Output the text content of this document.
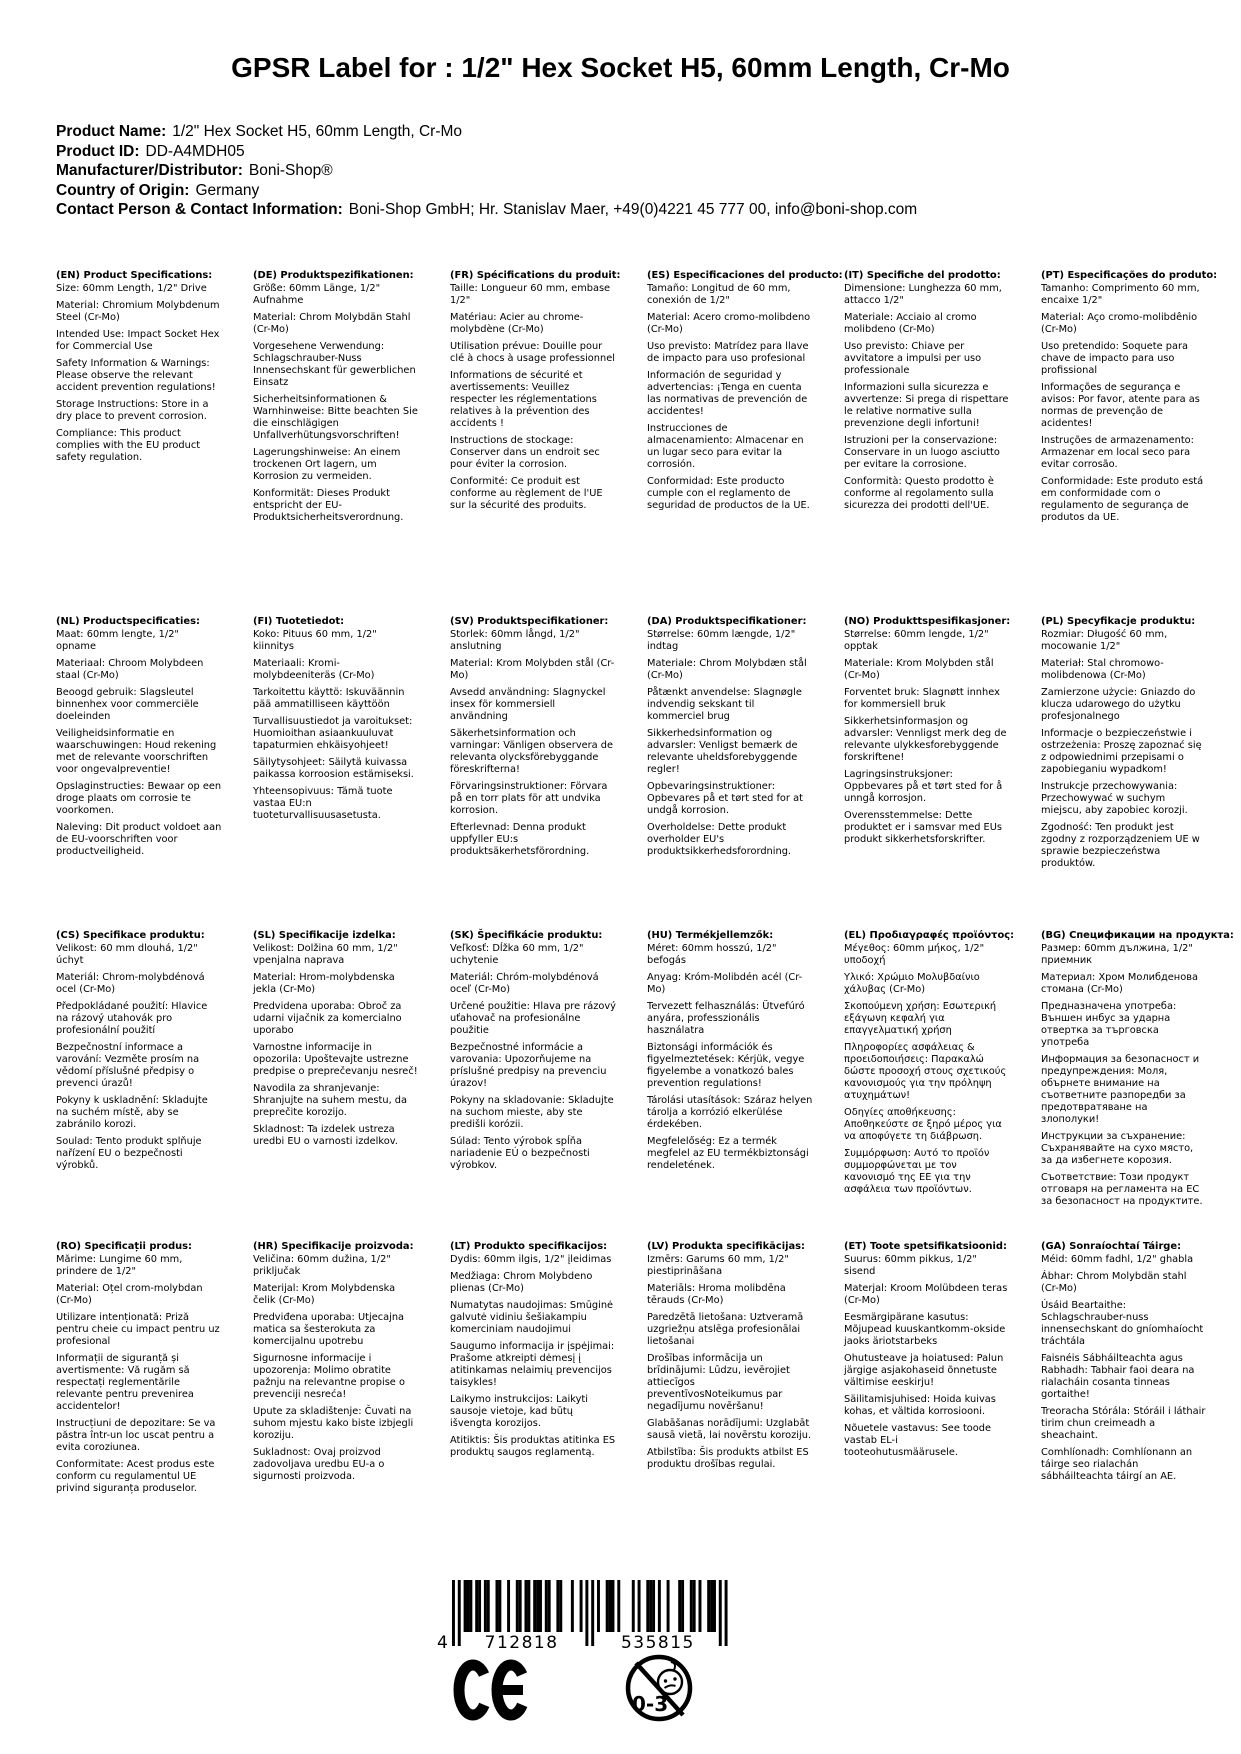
GPSR Label for : 1/2" Hex Socket H5, 60mm Length, Cr-Mo
Product Name: 1/2" Hex Socket H5, 60mm Length, Cr-Mo
Product ID: DD-A4MDH05
Manufacturer/Distributor: Boni-Shop®
Country of Origin: Germany
Contact Person & Contact Information: Boni-Shop GmbH; Hr. Stanislav Maer, +49(0)4221 45 777 00, info@boni-shop.com
(EN) Product Specifications:

Size: 60mm Length, 1/2" Drive

Material: Chromium Molybdenum Steel (Cr-Mo)

Intended Use: Impact Socket Hex for Commercial Use

Safety Information & Warnings: Please observe the relevant accident prevention regulations!

Storage Instructions: Store in a dry place to prevent corrosion.

Compliance: This product complies with the EU product safety regulation.

(DE) Produktspezifikationen:

Größe: 60mm Länge, 1/2" Aufnahme

Material: Chrom Molybdän Stahl (Cr-Mo)

Vorgesehene Verwendung: Schlagschrauber-Nuss Innensechskant für gewerblichen Einsatz

Sicherheitsinformationen & Warnhinweise: Bitte beachten Sie die einschlägigen Unfallverhütungsvorschriften!

Lagerungshinweise: An einem trockenen Ort lagern, um Korrosion zu vermeiden.

Konformität: Dieses Produkt entspricht der EU-Produktsicherheitsverordnung.

(FR) Spécifications du produit:

Taille: Longueur 60 mm, embase 1/2"

Matériau: Acier au chrome-molybdène (Cr-Mo)

Utilisation prévue: Douille pour clé à chocs à usage professionnel

Informations de sécurité et avertissements: Veuillez respecter les réglementations relatives à la prévention des accidents !

Instructions de stockage: Conserver dans un endroit sec pour éviter la corrosion.

Conformité: Ce produit est conforme au règlement de l'UE sur la sécurité des produits.

(ES) Especificaciones del producto:

Tamaño: Longitud de 60 mm, conexión de 1/2"

Material: Acero cromo-molibdeno (Cr-Mo)

Uso previsto: Matrídez para llave de impacto para uso profesional

Información de seguridad y advertencias: ¡Tenga en cuenta las normativas de prevención de accidentes!

Instrucciones de almacenamiento: Almacenar en un lugar seco para evitar la corrosión.

Conformidad: Este producto cumple con el reglamento de seguridad de productos de la UE.

(IT) Specifiche del prodotto:

Dimensione: Lunghezza 60 mm, attacco 1/2"

Materiale: Acciaio al cromo molibdeno (Cr-Mo)

Uso previsto: Chiave per avvitatore a impulsi per uso professionale

Informazioni sulla sicurezza e avvertenze: Si prega di rispettare le relative normative sulla prevenzione degli infortuni!

Istruzioni per la conservazione: Conservare in un luogo asciutto per evitare la corrosione.

Conformità: Questo prodotto è conforme al regolamento sulla sicurezza dei prodotti dell'UE.

(PT) Especificações do produto:

Tamanho: Comprimento 60 mm, encaixe 1/2"

Material: Aço cromo-molibdênio (Cr-Mo)

Uso pretendido: Soquete para chave de impacto para uso profissional

Informações de segurança e avisos: Por favor, atente para as normas de prevenção de acidentes!

Instruções de armazenamento: Armazenar em local seco para evitar corrosão.

Conformidade: Este produto está em conformidade com o regulamento de segurança de produtos da UE.

(NL) Productspecificaties:

Maat: 60mm lengte, 1/2" opname

Materiaal: Chroom Molybdeen staal (Cr-Mo)

Beoogd gebruik: Slagsleutel binnenhex voor commerciële doeleinden

Veiligheidsinformatie en waarschuwingen: Houd rekening met de relevante voorschriften voor ongevalpreventie!

Opslaginstructies: Bewaar op een droge plaats om corrosie te voorkomen.

Naleving: Dit product voldoet aan de EU-voorschriften voor productveiligheid.

(FI) Tuotetiedot:

Koko: Pituus 60 mm, 1/2" kiinnitys

Materiaali: Kromi-molybdeeniteräs (Cr-Mo)

Tarkoitettu käyttö: Iskuväännin pää ammatilliseen käyttöön

Turvallisuustiedot ja varoitukset: Huomioithan asiaankuuluvat tapaturmien ehkäisyohjeet!

Säilytysohjeet: Säilytä kuivassa paikassa korroosion estämiseksi.

Yhteensopivuus: Tämä tuote vastaa EU:n tuoteturvallisuusasetusta.

(SV) Produktspecifikationer:

Storlek: 60mm långd, 1/2" anslutning

Material: Krom Molybden stål (Cr-Mo)

Avsedd användning: Slagnyckel insex för kommersiell användning

Säkerhetsinformation och varningar: Vänligen observera de relevanta olycksförebyggande föreskrifterna!

Förvaringsinstruktioner: Förvara på en torr plats för att undvika korrosion.

Efterlevnad: Denna produkt uppfyller EU:s produktsäkerhetsförordning.

(DA) Produktspecifikationer:

Størrelse: 60mm længde, 1/2" indtag

Materiale: Chrom Molybdæn stål (Cr-Mo)

Påtænkt anvendelse: Slagnøgle indvendig sekskant til kommerciel brug

Sikkerhedsinformation og advarsler: Venligst bemærk de relevante uheldsforebyggende regler!

Opbevaringsinstruktioner: Opbevares på et tørt sted for at undgå korrosion.

Overholdelse: Dette produkt overholder EU's produktsikkerhedsforordning.

(NO) Produkttspesifikasjoner:

Størrelse: 60mm lengde, 1/2" opptak

Materiale: Krom Molybden stål (Cr-Mo)

Forventet bruk: Slagnøtt innhex for kommersiell bruk

Sikkerhetsinformasjon og advarsler: Vennligst merk deg de relevante ulykkesforebyggende forskriftene!

Lagringsinstruksjoner: Oppbevares på et tørt sted for å unngå korrosjon.

Overensstemmelse: Dette produktet er i samsvar med EUs produkt sikkerhetsforskrifter.

(PL) Specyfikacje produktu:

Rozmiar: Długość 60 mm, mocowanie 1/2"

Materiał: Stal chromowo-molibdenowa (Cr-Mo)

Zamierzone użycie: Gniazdo do klucza udarowego do użytku profesjonalnego

Informacje o bezpieczeństwie i ostrzeżenia: Proszę zapoznać się z odpowiednimi przepisami o zapobieganiu wypadkom!

Instrukcje przechowywania: Przechowywać w suchym miejscu, aby zapobiec korozji.

Zgodność: Ten produkt jest zgodny z rozporządzeniem UE w sprawie bezpieczeństwa produktów.

(CS) Specifikace produktu:

Velikost: 60 mm dlouhá, 1/2" úchyt

Materiál: Chrom-molybdénová ocel (Cr-Mo)

Předpokládané použití: Hlavice na rázový utahovák pro profesionální použití

Bezpečnostní informace a varování: Vezměte prosím na vědomí příslušné předpisy o prevenci úrazů!

Pokyny k uskladnění: Skladujte na suchém místě, aby se zabránilo korozi.

Soulad: Tento produkt splňuje nařízení EU o bezpečnosti výrobků.

(SL) Specifikacije izdelka:

Velikost: Dolžina 60 mm, 1/2" vpenjalna naprava

Material: Hrom-molybdenska jekla (Cr-Mo)

Predvidena uporaba: Obroč za udarni vijačnik za komercialno uporabo

Varnostne informacije in opozorila: Upoštevajte ustrezne predpise o preprečevanju nesreč!

Navodila za shranjevanje: Shranjujte na suhem mestu, da preprečite korozijo.

Skladnost: Ta izdelek ustreza uredbi EU o varnosti izdelkov.

(SK) Špecifikácie produktu:

Veľkosť: Dĺžka 60 mm, 1/2" uchytenie

Materiál: Chróm-molybdénová oceľ (Cr-Mo)

Určené použitie: Hlava pre rázový uťahovač na profesionálne použitie

Bezpečnostné informácie a varovania: Upozorňujeme na príslušné predpisy na prevenciu úrazov!

Pokyny na skladovanie: Skladujte na suchom mieste, aby ste predišli korózii.

Súlad: Tento výrobok spĺňa nariadenie EÚ o bezpečnosti výrobkov.

(HU) Termékjellemzők:

Méret: 60mm hosszú, 1/2" befogás

Anyag: Króm-Molibdén acél (Cr-Mo)

Tervezett felhasználás: Ütvefúró anyára, professzionális használatra

Biztonsági információk és figyelmeztetések: Kérjük, vegye figyelembe a vonatkozó bales prevention regulations!

Tárolási utasítások: Száraz helyen tárolja a korrózió elkerülése érdekében.

Megfelelőség: Ez a termék megfelel az EU termékbiztonsági rendeletének.

(EL) Προδιαγραφές προϊόντος:

Μέγεθος: 60mm μήκος, 1/2" υποδοχή

Υλικό: Χρώμιο Μολυβδαίνιο χάλυβας (Cr-Mo)

Σκοπούμενη χρήση: Εσωτερική εξάγωνη κεφαλή για επαγγελματική χρήση

Πληροφορίες ασφάλειας & προειδοποιήσεις: Παρακαλώ δώστε προσοχή στους σχετικούς κανονισμούς για την πρόληψη ατυχημάτων!

Οδηγίες αποθήκευσης: Αποθηκεύστε σε ξηρό μέρος για να αποφύγετε τη διάβρωση.

Συμμόρφωση: Αυτό το προϊόν συμμορφώνεται με τον κανονισμό της ΕΕ για την ασφάλεια των προϊόντων.

(BG) Спецификации на продукта:

Размер: 60mm дължина, 1/2" приемник

Материал: Хром Молибденова стомана (Cr-Mo)

Предназначена употреба: Външен инбус за ударна отвертка за търговска употреба

Информация за безопасност и предупреждения: Моля, обърнете внимание на съответните разпоредби за предотвратяване на злополуки!

Инструкции за съхранение: Съхранявайте на сухо място, за да избегнете корозия.

Съответствие: Този продукт отговаря на регламента на ЕС за безопасност на продуктите.

(RO) Specificații produs:

Mărime: Lungime 60 mm, prindere de 1/2"

Material: Oțel crom-molybdan (Cr-Mo)

Utilizare intenționată: Priză pentru cheie cu impact pentru uz profesional

Informații de siguranță și avertismente: Vă rugăm să respectați reglementările relevante pentru prevenirea accidentelor!

Instrucțiuni de depozitare: Se va păstra într-un loc uscat pentru a evita coroziunea.

Conformitate: Acest produs este conform cu regulamentul UE privind siguranța produselor.

(HR) Specifikacije proizvoda:

Veličina: 60mm dužina, 1/2" priključak

Materijal: Krom Molybdenska čelik (Cr-Mo)

Predviđena uporaba: Utjecajna matica sa šesterokuta za komercijalnu upotrebu

Sigurnosne informacije i upozorenja: Molimo obratite pažnju na relevantne propise o prevenciji nesreća!

Upute za skladištenje: Čuvati na suhom mjestu kako biste izbjegli koroziju.

Sukladnost: Ovaj proizvod zadovoljava uredbu EU-a o sigurnosti proizvoda.

(LT) Produkto specifikacijos:

Dydis: 60mm ilgis, 1/2" įleidimas

Medžiaga: Chrom Molybdeno plienas (Cr-Mo)

Numatytas naudojimas: Smūginė galvutė vidiniu šešiakampiu komerciniam naudojimui

Saugumo informacija ir įspėjimai: Prašome atkreipti dėmesį į atitinkamas nelaimių prevencijos taisykles!

Laikymo instrukcijos: Laikyti sausoje vietoje, kad būtų išvengta korozijos.

Atitiktis: Šis produktas atitinka ES produktų saugos reglamentą.

(LV) Produkta specifikācijas:

Izmērs: Garums 60 mm, 1/2" piestiprināšana

Materiāls: Hroma molibdēna tērauds (Cr-Mo)

Paredzētā lietošana: Uztveramā uzgriežņu atslēga profesionālai lietošanai

Drošības informācija un brīdinājumi: Lūdzu, ievērojiet attiecīgos preventīvosNoteikumus par negadījumu novēršanu!

Glabāšanas norādījumi: Uzglabāt sausā vietā, lai novērstu koroziju.

Atbilstība: Šis produkts atbilst ES produktu drošības regulai.

(ET) Toote spetsifikatsioonid:

Suurus: 60mm pikkus, 1/2" sisend

Materjal: Kroom Molübdeen teras (Cr-Mo)

Eesmärgipärane kasutus: Mõjupead kuuskantkomm-okside jaoks äriotstarbeks

Ohutusteave ja hoiatused: Palun järgige asjakohaseid õnnetuste vältimise eeskirju!

Säilitamisjuhised: Hoida kuivas kohas, et vältida korrosiooni.

Nõuetele vastavus: See toode vastab EL-i tooteohutusmäärusele.

(GA) Sonraíochtaí Táirge:

Méid: 60mm fadhl, 1/2" ghabla

Ábhar: Chrom Molybdän stahl (Cr-Mo)

Úsáid Beartaithe: Schlagschrauber-nuss innensechskant do gníomhaíocht tráchtála

Faisnéis Sábháilteachta agus Rabhadh: Tabhair faoi deara na rialacháin cosanta tinneas gortaithe!

Treoracha Stórála: Stóráil i láthair tirim chun creimeadh a sheachaint.

Comhlíonadh: Comhlíonann an táirge seo rialachán sábháilteachta táirgí an AE.

4 712818	535815
0-3
